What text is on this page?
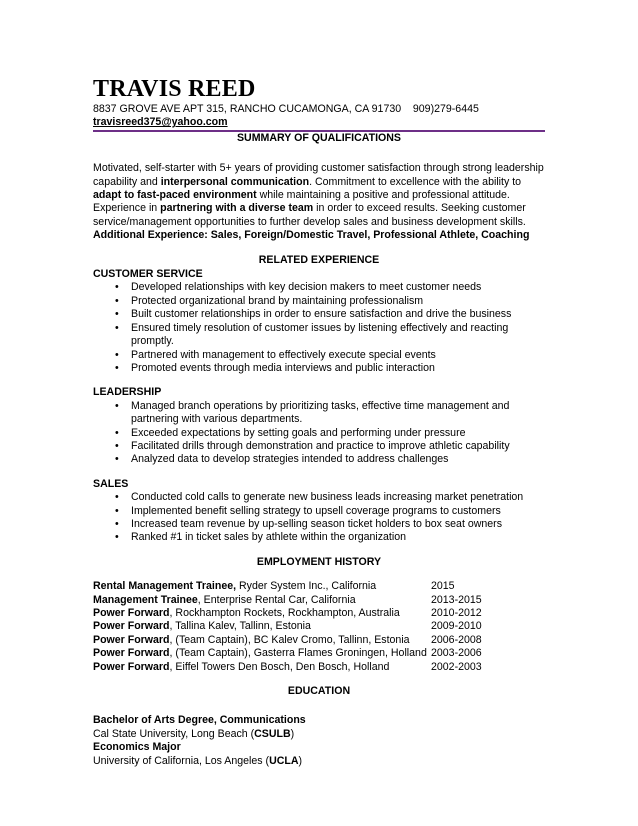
TRAVIS REED
8837 GROVE AVE APT 315, RANCHO CUCAMONGA, CA 91730    909)279-6445
travisreed375@yahoo.com
SUMMARY OF QUALIFICATIONS
Motivated, self-starter with 5+ years of providing customer satisfaction through strong leadership capability and interpersonal communication. Commitment to excellence with the ability to adapt to fast-paced environment while maintaining a positive and professional attitude. Experience in partnering with a diverse team in order to exceed results. Seeking customer service/management opportunities to further develop sales and business development skills.
Additional Experience: Sales, Foreign/Domestic Travel, Professional Athlete, Coaching
RELATED EXPERIENCE
CUSTOMER SERVICE
• Developed relationships with key decision makers to meet customer needs
• Protected organizational brand by maintaining professionalism
• Built customer relationships in order to ensure satisfaction and drive the business
• Ensured timely resolution of customer issues by listening effectively and reacting promptly.
• Partnered with management to effectively execute special events
• Promoted events through media interviews and public interaction
LEADERSHIP
• Managed branch operations by prioritizing tasks, effective time management and partnering with various departments.
• Exceeded expectations by setting goals and performing under pressure
• Facilitated drills through demonstration and practice to improve athletic capability
• Analyzed data to develop strategies intended to address challenges
SALES
• Conducted cold calls to generate new business leads increasing market penetration
• Implemented benefit selling strategy to upsell coverage programs to customers
• Increased team revenue by up-selling season ticket holders to box seat owners
• Ranked #1 in ticket sales by athlete within the organization
EMPLOYMENT HISTORY
Rental Management Trainee, Ryder System Inc., California	2015
Management Trainee, Enterprise Rental Car, California	2013-2015
Power Forward, Rockhampton Rockets, Rockhampton, Australia	2010-2012
Power Forward, Tallina Kalev, Tallinn, Estonia	2009-2010
Power Forward, (Team Captain), BC Kalev Cromo, Tallinn, Estonia	2006-2008
Power Forward, (Team Captain), Gasterra Flames Groningen, Holland 2003-2006
Power Forward, Eiffel Towers Den Bosch, Den Bosch, Holland	2002-2003
EDUCATION
Bachelor of Arts Degree, Communications
Cal State University, Long Beach (CSULB)
Economics Major
University of California, Los Angeles (UCLA)
